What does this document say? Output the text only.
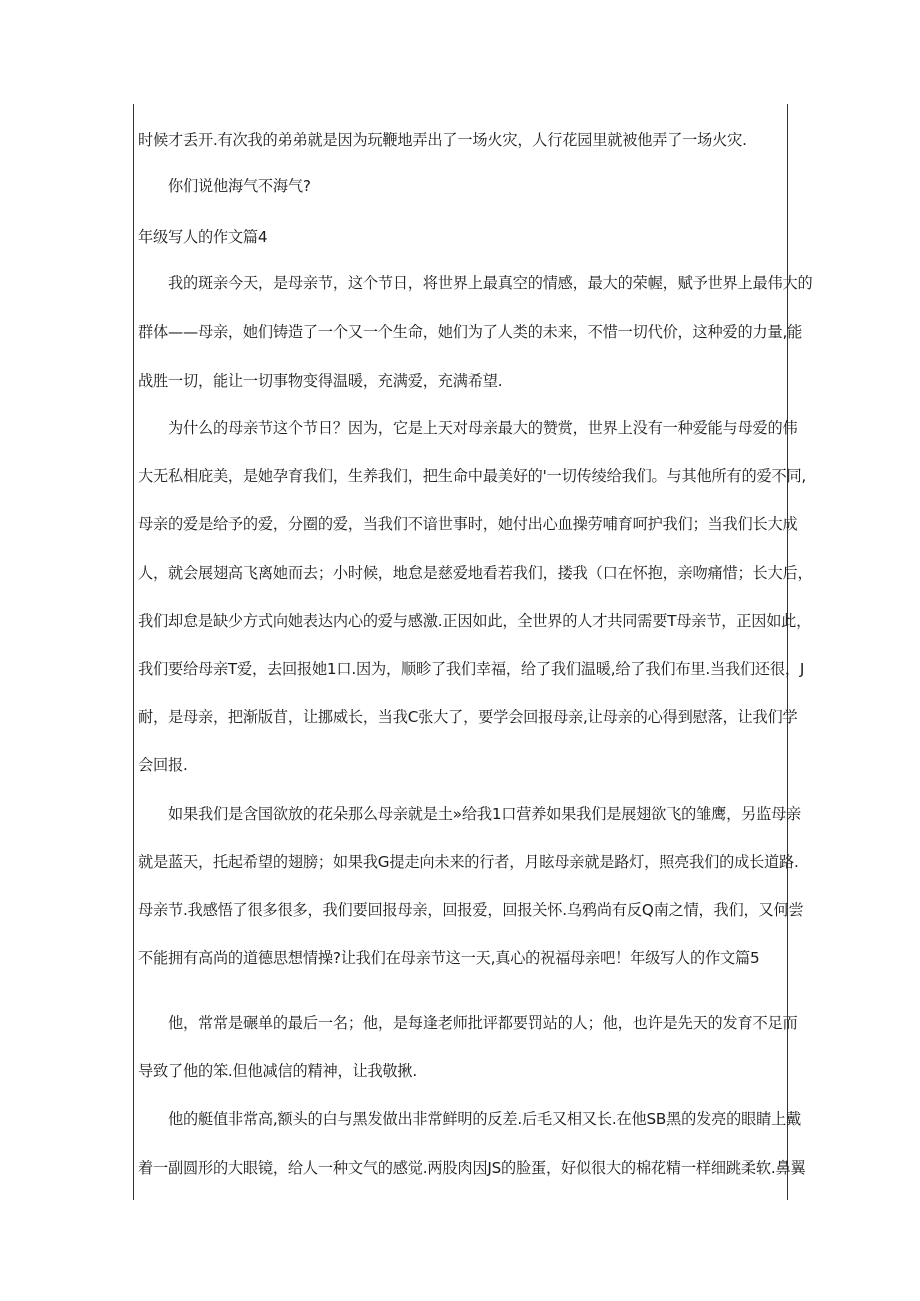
时候才丢开.有次我的弟弟就是因为玩鞭地弄出了一场火灾，人行花园里就被他弄了一场火灾.
你们说他海气不海气?
年级写人的作文篇4
我的斑亲今天，是母亲节，这个节日，将世界上最真空的情感，最大的荣幄，赋予世界上最伟大的
群体——母亲，她们铸造了一个又一个生命，她们为了人类的未来，不惜一切代价，这种爱的力量,能
战胜一切，能让一切事物变得温暖，充满爱，充满希望.
为什么的母亲节这个节日？因为，它是上天对母亲最大的赞赏，世界上没有一种爱能与母爱的伟
大无私相庇美，是她孕育我们，生养我们，把生命中最美好的'一切传绫给我们。与其他所有的爱不同,
母亲的爱是给予的爱，分圈的爱，当我们不谙世事时，她付出心血操劳哺育呵护我们；当我们长大成
人，就会展翅高飞离她而去；小时候，地怠是慈爱地看若我们，搂我（口在怀抱，亲吻痛惜；长大后，
我们却怠是缺少方式向她表达内心的爱与感激.正因如此，全世界的人才共同需要T母亲节，正因如此，
我们要给母亲T爱，去回报她1口.因为，顺畛了我们幸福，给了我们温暖,给了我们布里.当我们还很，J
耐，是母亲，把渐版苜，让挪威长，当我C张大了，要学会回报母亲,让母亲的心得到慰落，让我们学
会回报.
如果我们是含国欲放的花朵那么母亲就是土»给我1口营养如果我们是展翅欲飞的雏鹰，另监母亲
就是蓝天，托起希望的翅膀；如果我G提走向未来的行者，月眩母亲就是路灯，照亮我们的成长道路.
母亲节.我感悟了很多很多，我们要回报母亲，回报爱，回报关怀.乌鸦尚有反Q南之情，我们，又何尝
不能拥有高尚的道德思想情操?让我们在母亲节这一天,真心的祝福母亲吧！年级写人的作文篇5
他，常常是碾单的最后一名；他，是每逢老师批评都要罚站的人；他，也许是先天的发育不足而
导致了他的笨.但他减信的精神，让我敬揪.
他的艇值非常高,额头的白与黑发做出非常鲜明的反差.后毛又相又长.在他SB黑的发亮的眼睛上戴
着一副圆形的大眼镜，给人一种文气的感觉.两股肉因JS的脸蛋，好似很大的棉花精一样细跳柔软.鼻翼
